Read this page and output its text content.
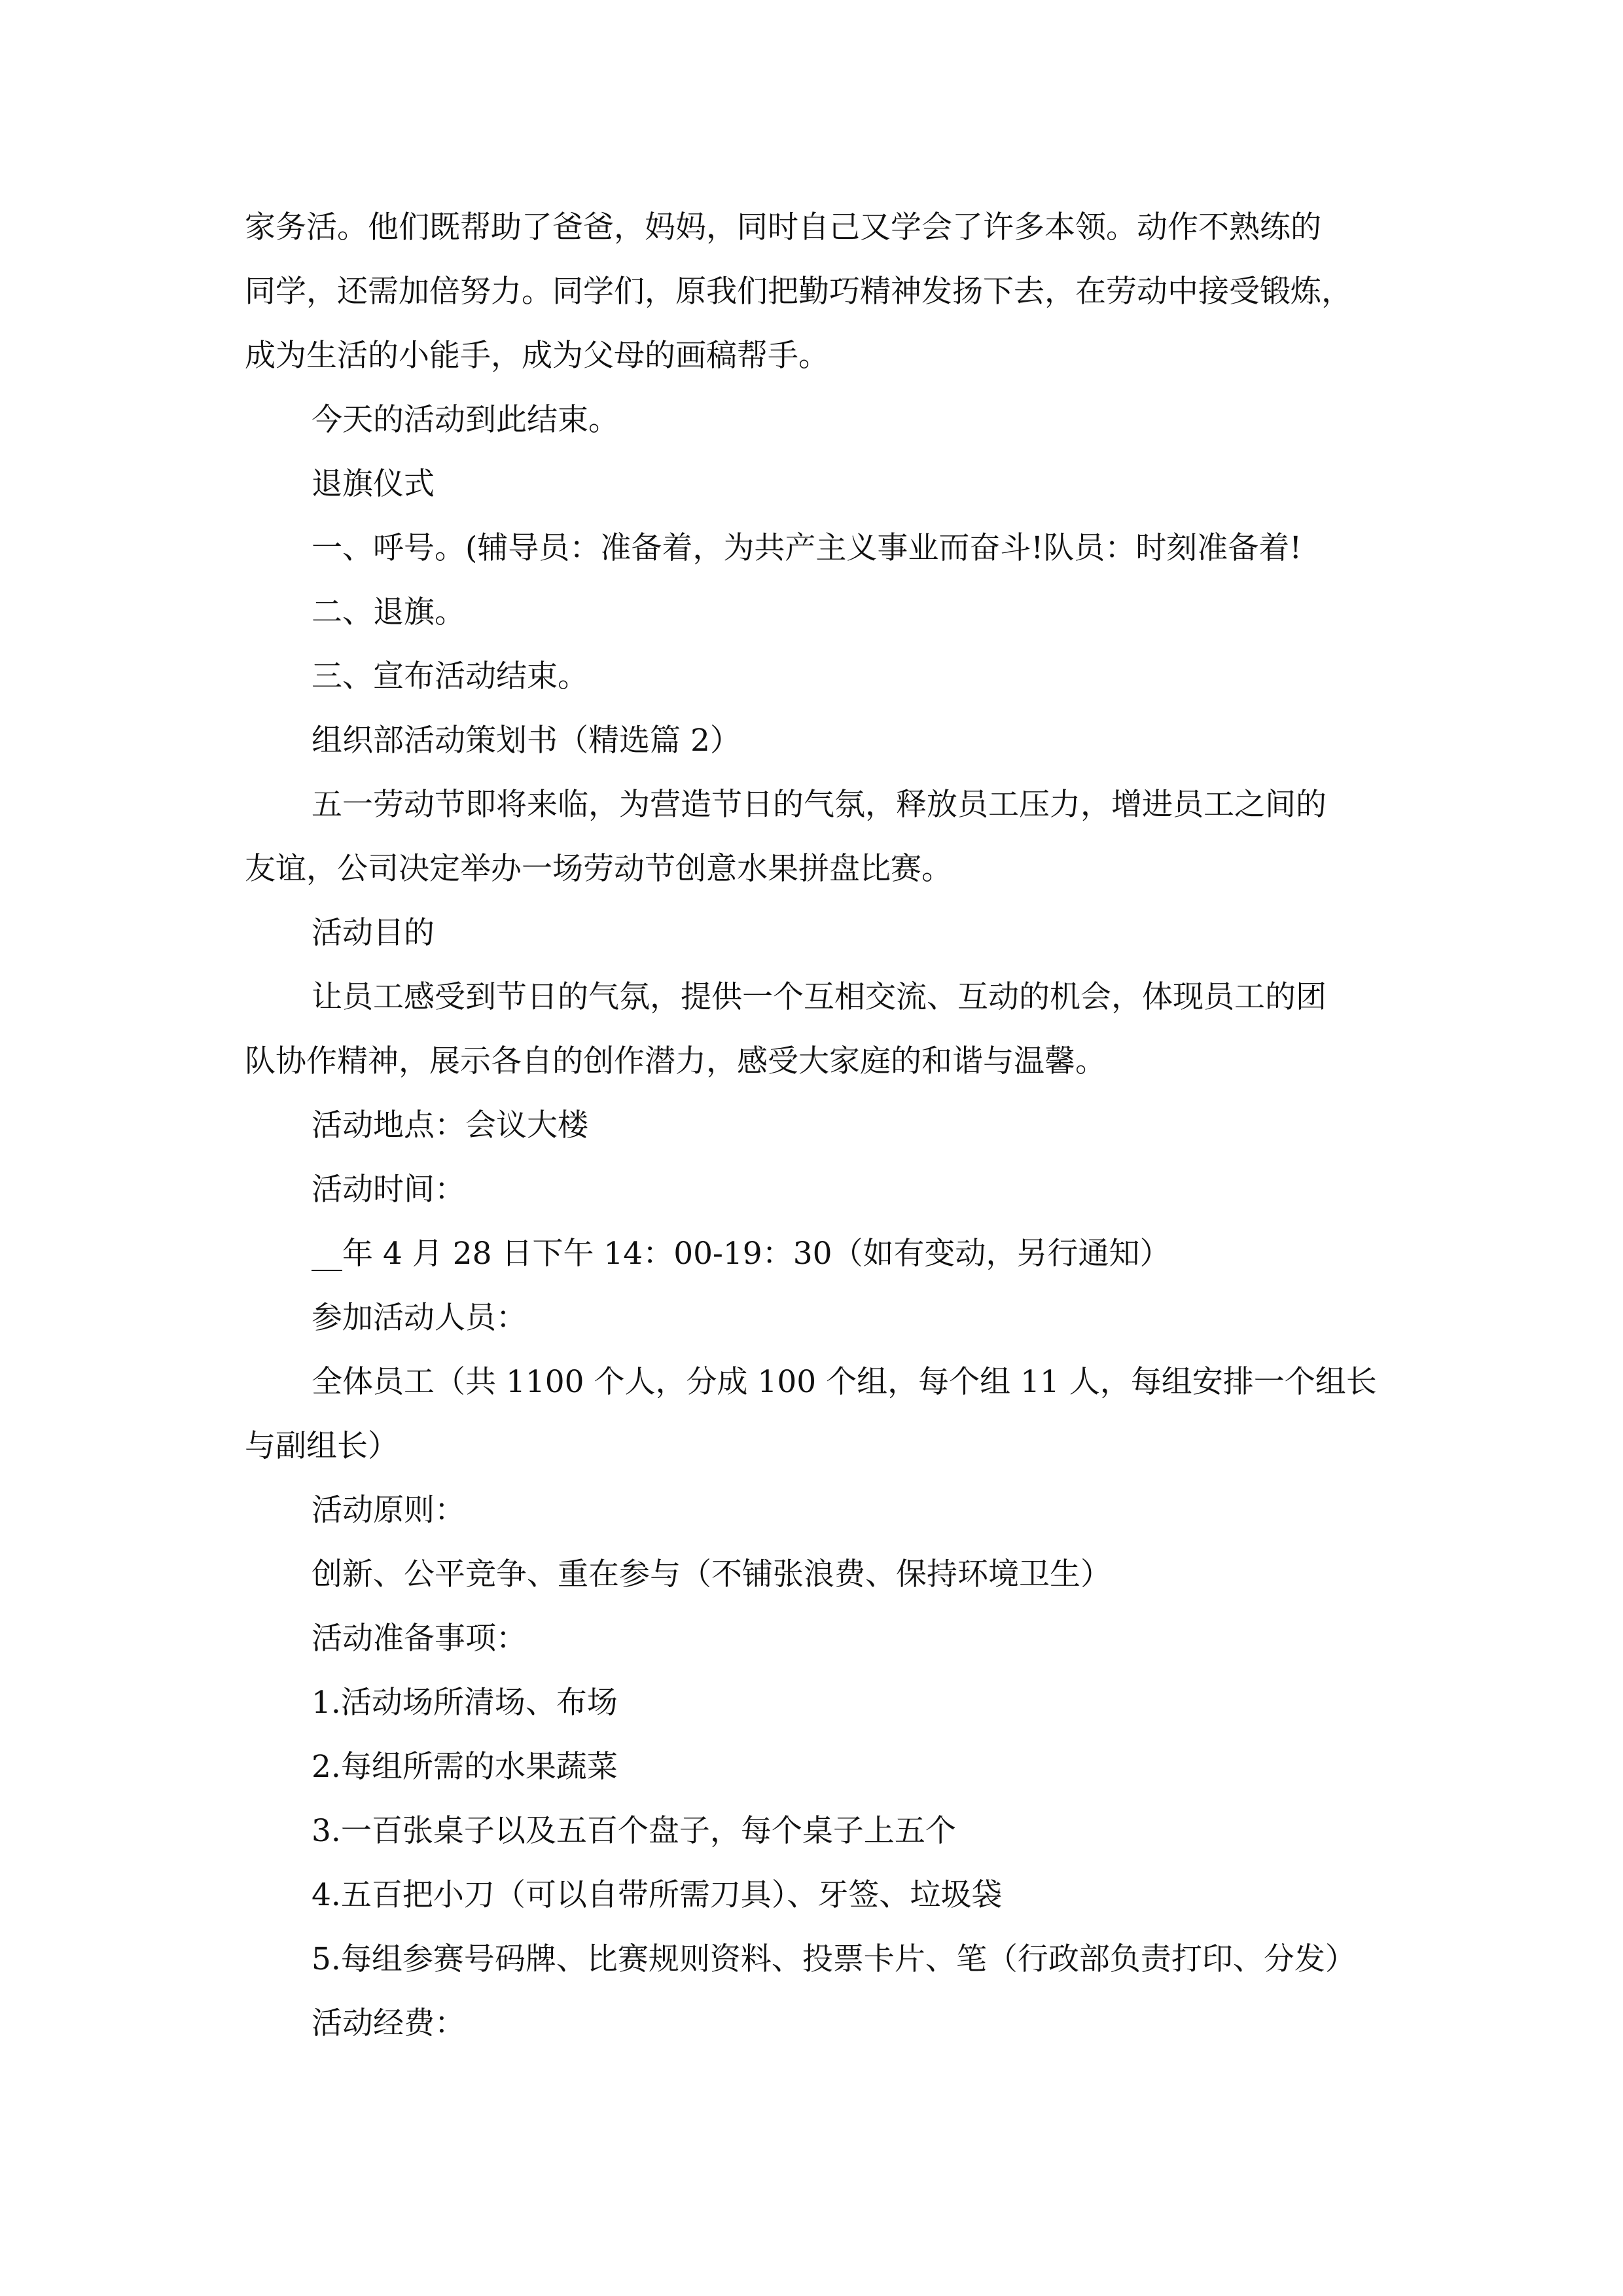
家务活。他们既帮助了爸爸，妈妈，同时自己又学会了许多本领。动作不熟练的
同学，还需加倍努力。同学们，原我们把勤巧精神发扬下去，在劳动中接受锻炼，
成为生活的小能手，成为父母的画稿帮手。
今天的活动到此结束。
退旗仪式
一、呼号。(辅导员：准备着，为共产主义事业而奋斗!队员：时刻准备着!
二、退旗。
三、宣布活动结束。
组织部活动策划书（精选篇 2）
五一劳动节即将来临，为营造节日的气氛，释放员工压力，增进员工之间的
友谊，公司决定举办一场劳动节创意水果拼盘比赛。
活动目的
让员工感受到节日的气氛，提供一个互相交流、互动的机会，体现员工的团
队协作精神，展示各自的创作潜力，感受大家庭的和谐与温馨。
活动地点：会议大楼
活动时间：
__年 4 月 28 日下午 14：00-19：30（如有变动，另行通知）
参加活动人员：
全体员工（共 1100 个人，分成 100 个组，每个组 11 人，每组安排一个组长
与副组长）
活动原则：
创新、公平竞争、重在参与（不铺张浪费、保持环境卫生）
活动准备事项：
1.活动场所清场、布场
2.每组所需的水果蔬菜
3.一百张桌子以及五百个盘子，每个桌子上五个
4.五百把小刀（可以自带所需刀具）、牙签、垃圾袋
5.每组参赛号码牌、比赛规则资料、投票卡片、笔（行政部负责打印、分发）
活动经费：
